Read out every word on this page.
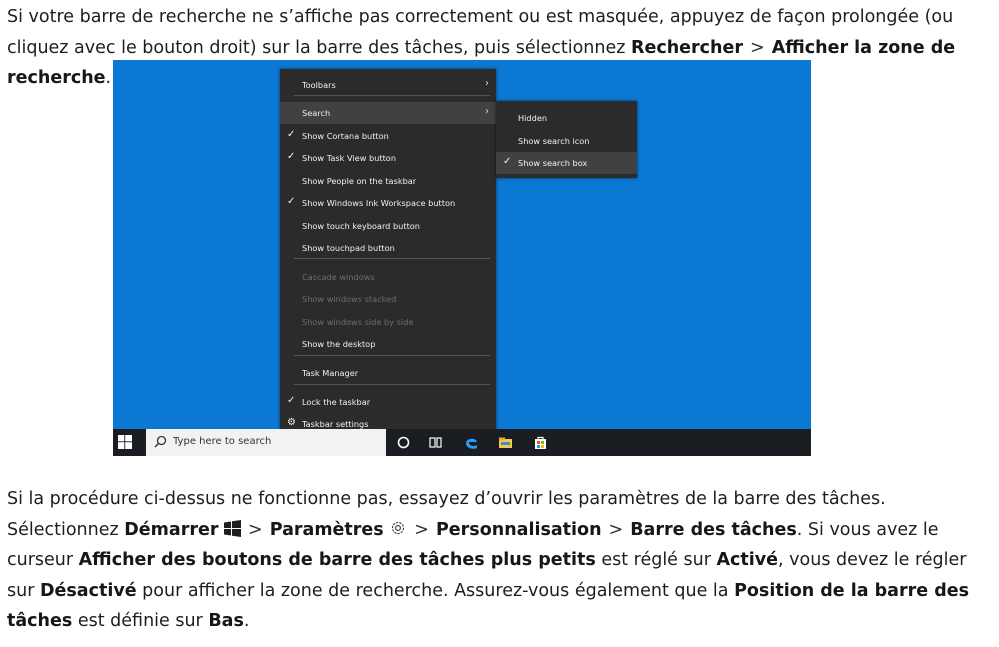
Si votre barre de recherche ne s’affiche pas correctement ou est masquée, appuyez de façon prolongée (ou cliquez avec le bouton droit) sur la barre des tâches, puis sélectionnez Rechercher > Afficher la zone de recherche.	Toolbars	›
Search	›
✓ Show Cortana button
✓ Show Task View button
Show People on the taskbar
✓ Show Windows Ink Workspace button
Show touch keyboard button
Show touchpad button
Cascade windows
Show windows stacked
Show windows side by side
Show the desktop
Task Manager
✓ Lock the taskbar
⚙ Taskbar settings
Hidden
Show search icon
✓ Show search box
Type here to search

Si la procédure ci-dessus ne fonctionne pas, essayez d’ouvrir les paramètres de la barre des tâches.
Sélectionnez Démarrer > Paramètres > Personnalisation > Barre des tâches. Si vous avez le curseur Afficher des boutons de barre des tâches plus petits est réglé sur Activé, vous devez le régler sur Désactivé pour afficher la zone de recherche. Assurez-vous également que la Position de la barre des tâches est définie sur Bas.
